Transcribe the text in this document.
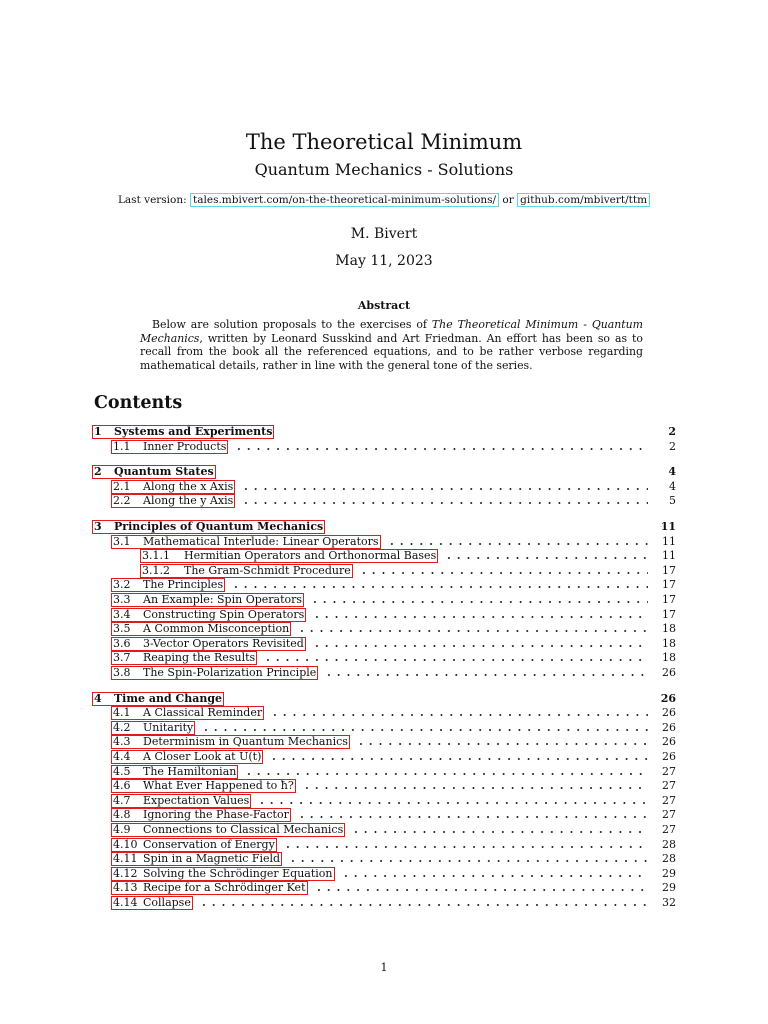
The Theoretical Minimum
Quantum Mechanics - Solutions
Last version: tales.mbivert.com/on-the-theoretical-minimum-solutions/ or github.com/mbivert/ttm
M. Bivert
May 11, 2023
Abstract
Below are solution proposals to the exercises of The Theoretical Minimum - Quantum Mechanics, written by Leonard Susskind and Art Friedman. An effort has been so as to recall from the book all the referenced equations, and to be rather verbose regarding mathematical details, rather in line with the general tone of the series.
Contents
1 Systems and Experiments	2
1.1 Inner Products	2
2 Quantum States	4
2.1 Along the x Axis	4
2.2 Along the y Axis	5
3 Principles of Quantum Mechanics	11
3.1 Mathematical Interlude: Linear Operators	11
3.1.1 Hermitian Operators and Orthonormal Bases	11
3.1.2 The Gram-Schmidt Procedure	17
3.2 The Principles	17
3.3 An Example: Spin Operators	17
3.4 Constructing Spin Operators	17
3.5 A Common Misconception	18
3.6 3-Vector Operators Revisited	18
3.7 Reaping the Results	18
3.8 The Spin-Polarization Principle	26
4 Time and Change	26
4.1 A Classical Reminder	26
4.2 Unitarity	26
4.3 Determinism in Quantum Mechanics	26
4.4 A Closer Look at U(t)	26
4.5 The Hamiltonian	27
4.6 What Ever Happened to ħ?	27
4.7 Expectation Values	27
4.8 Ignoring the Phase-Factor	27
4.9 Connections to Classical Mechanics	27
4.10 Conservation of Energy	28
4.11 Spin in a Magnetic Field	28
4.12 Solving the Schrödinger Equation	29
4.13 Recipe for a Schrödinger Ket	29
4.14 Collapse	32
1
